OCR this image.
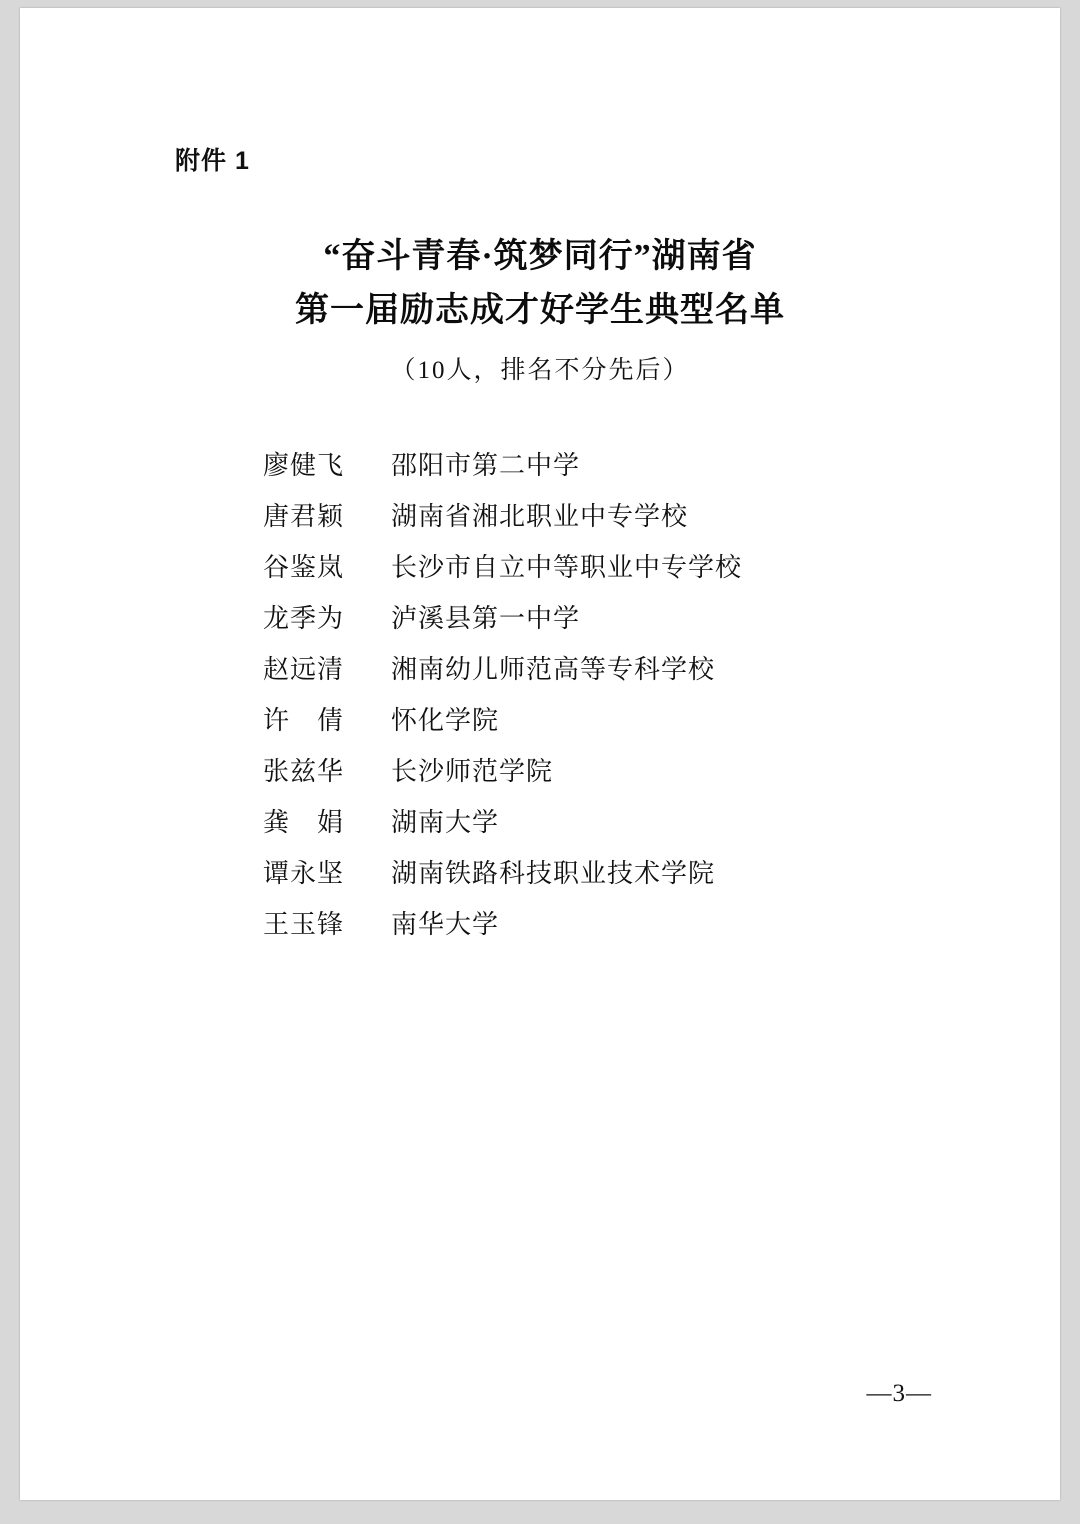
附件 1
“奋斗青春·筑梦同行”湖南省
第一届励志成才好学生典型名单
（10人，排名不分先后）
廖健飞	邵阳市第二中学
唐君颖	湖南省湘北职业中专学校
谷鉴岚	长沙市自立中等职业中专学校
龙季为	泸溪县第一中学
赵远清	湘南幼儿师范高等专科学校
许　倩	怀化学院
张兹华	长沙师范学院
龚　娟	湖南大学
谭永坚	湖南铁路科技职业技术学院
王玉锋	南华大学
—3—
